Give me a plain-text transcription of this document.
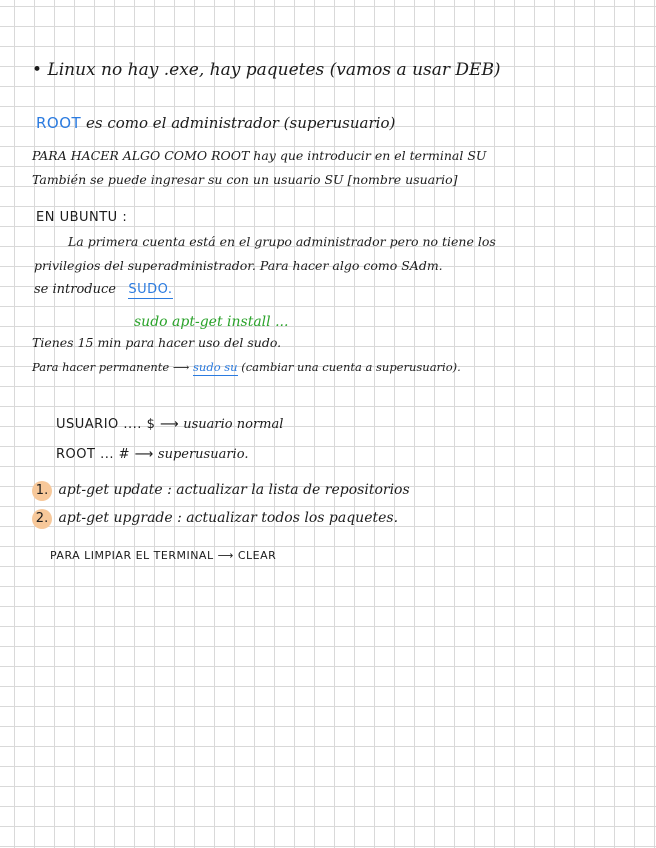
• Linux no hay .exe, hay paquetes (vamos a usar DEB)
ROOT es como el administrador (superusuario)
PARA HACER ALGO COMO ROOT hay que introducir en el terminal SU
También se puede ingresar su con un usuario SU [nombre usuario]
EN UBUNTU :
La primera cuenta está en el grupo administrador pero no tiene los
privilegios del superadministrador. Para hacer algo como SAdm.
se introduce SUDO.
sudo apt-get install ...
Tienes 15 min para hacer uso del sudo.
Para hacer permanente ⟶ sudo su (cambiar una cuenta a superusuario).
USUARIO .... $ ⟶ usuario normal
ROOT ... # ⟶ superusuario.
1. apt-get update : actualizar la lista de repositorios
2. apt-get upgrade : actualizar todos los paquetes.
PARA LIMPIAR EL TERMINAL ⟶ CLEAR
